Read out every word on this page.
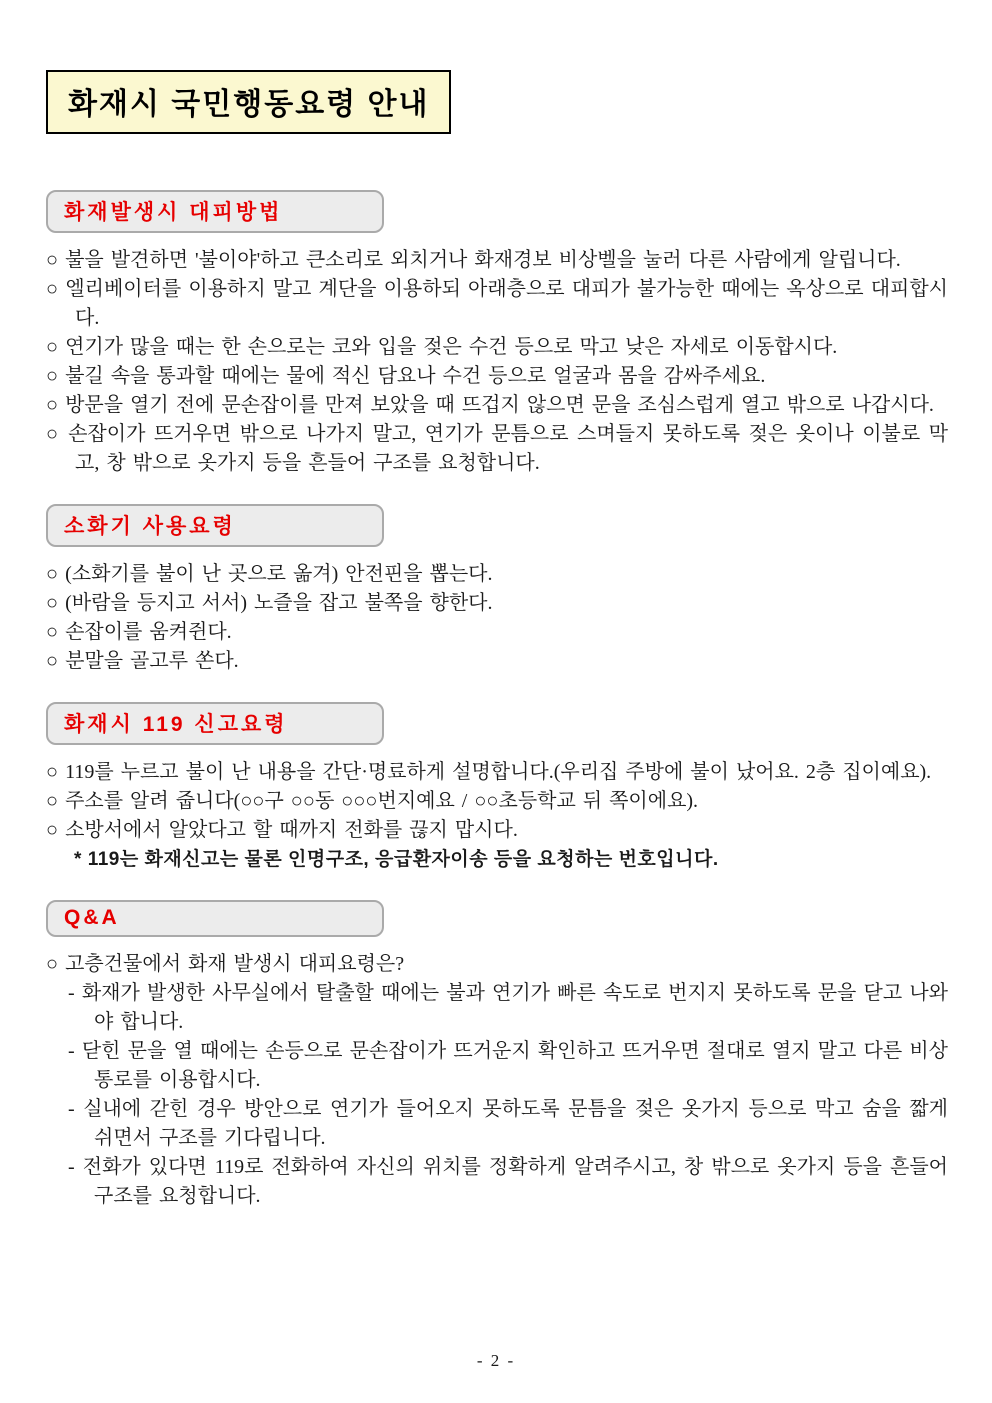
화재시 국민행동요령 안내
화재발생시 대피방법
○ 불을 발견하면 '불이야'하고 큰소리로 외치거나 화재경보 비상벨을 눌러 다른 사람에게 알립니다.
○ 엘리베이터를 이용하지 말고 계단을 이용하되 아래층으로 대피가 불가능한 때에는 옥상으로 대피합시다.
○ 연기가 많을 때는 한 손으로는 코와 입을 젖은 수건 등으로 막고 낮은 자세로 이동합시다.
○ 불길 속을 통과할 때에는 물에 적신 담요나 수건 등으로 얼굴과 몸을 감싸주세요.
○ 방문을 열기 전에 문손잡이를 만져 보았을 때 뜨겁지 않으면 문을 조심스럽게 열고 밖으로 나갑시다.
○ 손잡이가 뜨거우면 밖으로 나가지 말고, 연기가 문틈으로 스며들지 못하도록 젖은 옷이나 이불로 막고, 창 밖으로 옷가지 등을 흔들어 구조를 요청합니다.
소화기 사용요령
○ (소화기를 불이 난 곳으로 옮겨) 안전핀을 뽑는다.
○ (바람을 등지고 서서) 노즐을 잡고 불쪽을 향한다.
○ 손잡이를 움켜쥔다.
○ 분말을 골고루 쏜다.
화재시 119 신고요령
○ 119를 누르고 불이 난 내용을 간단·명료하게 설명합니다.(우리집 주방에 불이 났어요. 2층 집이예요).
○ 주소를 알려 줍니다(○○구 ○○동 ○○○번지예요 / ○○초등학교 뒤 쪽이에요).
○ 소방서에서 알았다고 할 때까지 전화를 끊지 맙시다.
* 119는 화재신고는 물론 인명구조, 응급환자이송 등을 요청하는 번호입니다.
Q&A
○ 고층건물에서 화재 발생시 대피요령은?
- 화재가 발생한 사무실에서 탈출할 때에는 불과 연기가 빠른 속도로 번지지 못하도록 문을 닫고 나와야 합니다.
- 닫힌 문을 열 때에는 손등으로 문손잡이가 뜨거운지 확인하고 뜨거우면 절대로 열지 말고 다른 비상통로를 이용합시다.
- 실내에 갇힌 경우 방안으로 연기가 들어오지 못하도록 문틈을 젖은 옷가지 등으로 막고 숨을 짧게 쉬면서 구조를 기다립니다.
- 전화가 있다면 119로 전화하여 자신의 위치를 정확하게 알려주시고, 창 밖으로 옷가지 등을 흔들어 구조를 요청합니다.
- 2 -
